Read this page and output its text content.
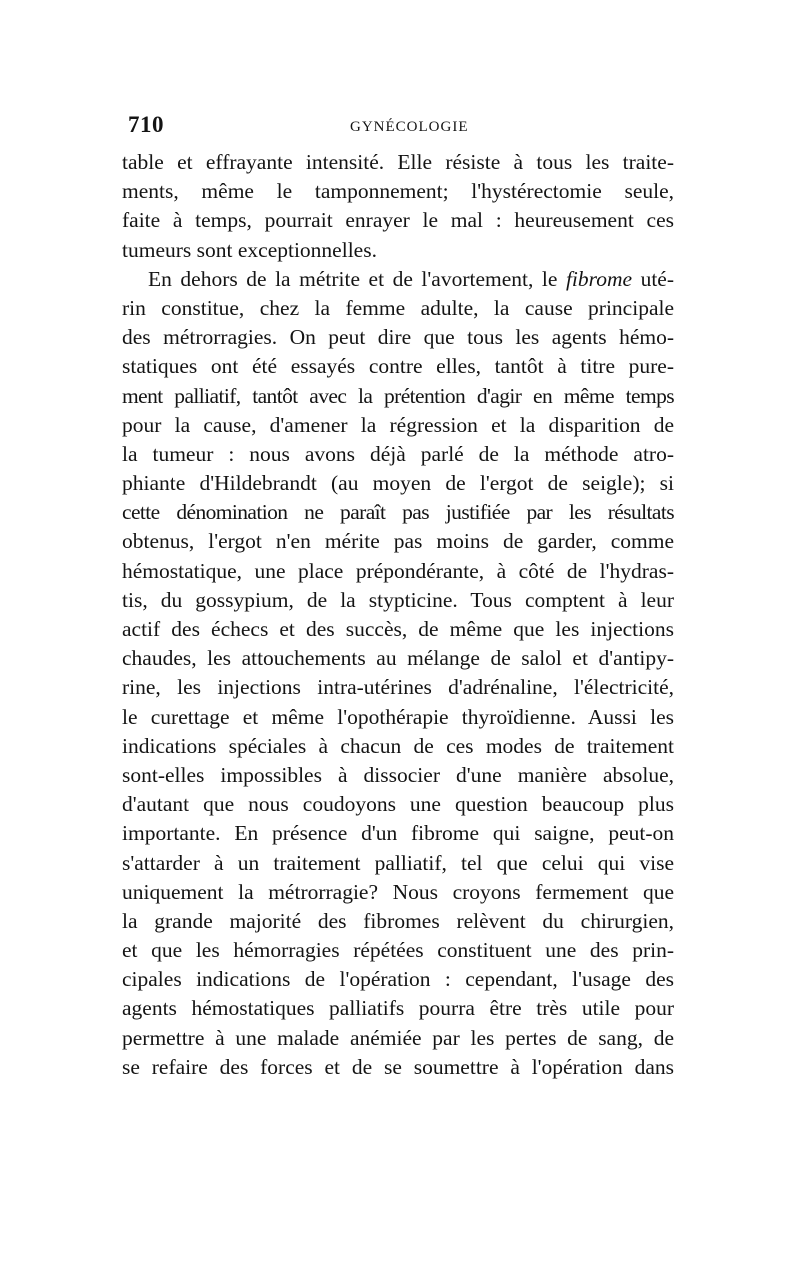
710	GYNÉCOLOGIE
table et effrayante intensité. Elle résiste à tous les traite-
ments, même le tamponnement; l'hystérectomie seule,
faite à temps, pourrait enrayer le mal : heureusement ces
tumeurs sont exceptionnelles.
En dehors de la métrite et de l'avortement, le fibrome uté-
rin constitue, chez la femme adulte, la cause principale
des métrorragies. On peut dire que tous les agents hémo-
statiques ont été essayés contre elles, tantôt à titre pure-
ment palliatif, tantôt avec la prétention d'agir en même temps
pour la cause, d'amener la régression et la disparition de
la tumeur : nous avons déjà parlé de la méthode atro-
phiante d'Hildebrandt (au moyen de l'ergot de seigle); si
cette dénomination ne paraît pas justifiée par les résultats
obtenus, l'ergot n'en mérite pas moins de garder, comme
hémostatique, une place prépondérante, à côté de l'hydras-
tis, du gossypium, de la stypticine. Tous comptent à leur
actif des échecs et des succès, de même que les injections
chaudes, les attouchements au mélange de salol et d'antipy-
rine, les injections intra-utérines d'adrénaline, l'électricité,
le curettage et même l'opothérapie thyroïdienne. Aussi les
indications spéciales à chacun de ces modes de traitement
sont-elles impossibles à dissocier d'une manière absolue,
d'autant que nous coudoyons une question beaucoup plus
importante. En présence d'un fibrome qui saigne, peut-on
s'attarder à un traitement palliatif, tel que celui qui vise
uniquement la métrorragie? Nous croyons fermement que
la grande majorité des fibromes relèvent du chirurgien,
et que les hémorragies répétées constituent une des prin-
cipales indications de l'opération : cependant, l'usage des
agents hémostatiques palliatifs pourra être très utile pour
permettre à une malade anémiée par les pertes de sang, de
se refaire des forces et de se soumettre à l'opération dans
